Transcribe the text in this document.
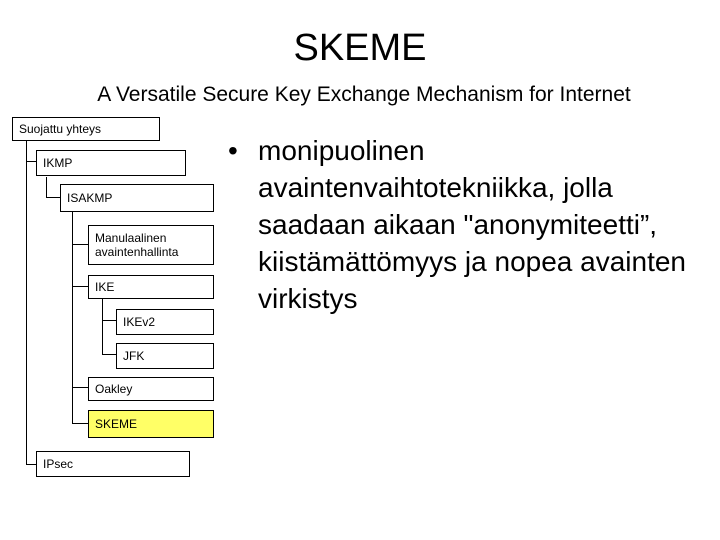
SKEME
A Versatile Secure Key Exchange Mechanism for Internet
Suojattu yhteys
IKMP
ISAKMP
Manulaalinen
avaintenhallinta
IKE
IKEv2
JFK
Oakley
SKEME
IPsec
• monipuolinen avaintenvaihtotekniikka, jolla saadaan aikaan "anonymiteetti”, kiistämättömyys ja nopea avainten virkistys
